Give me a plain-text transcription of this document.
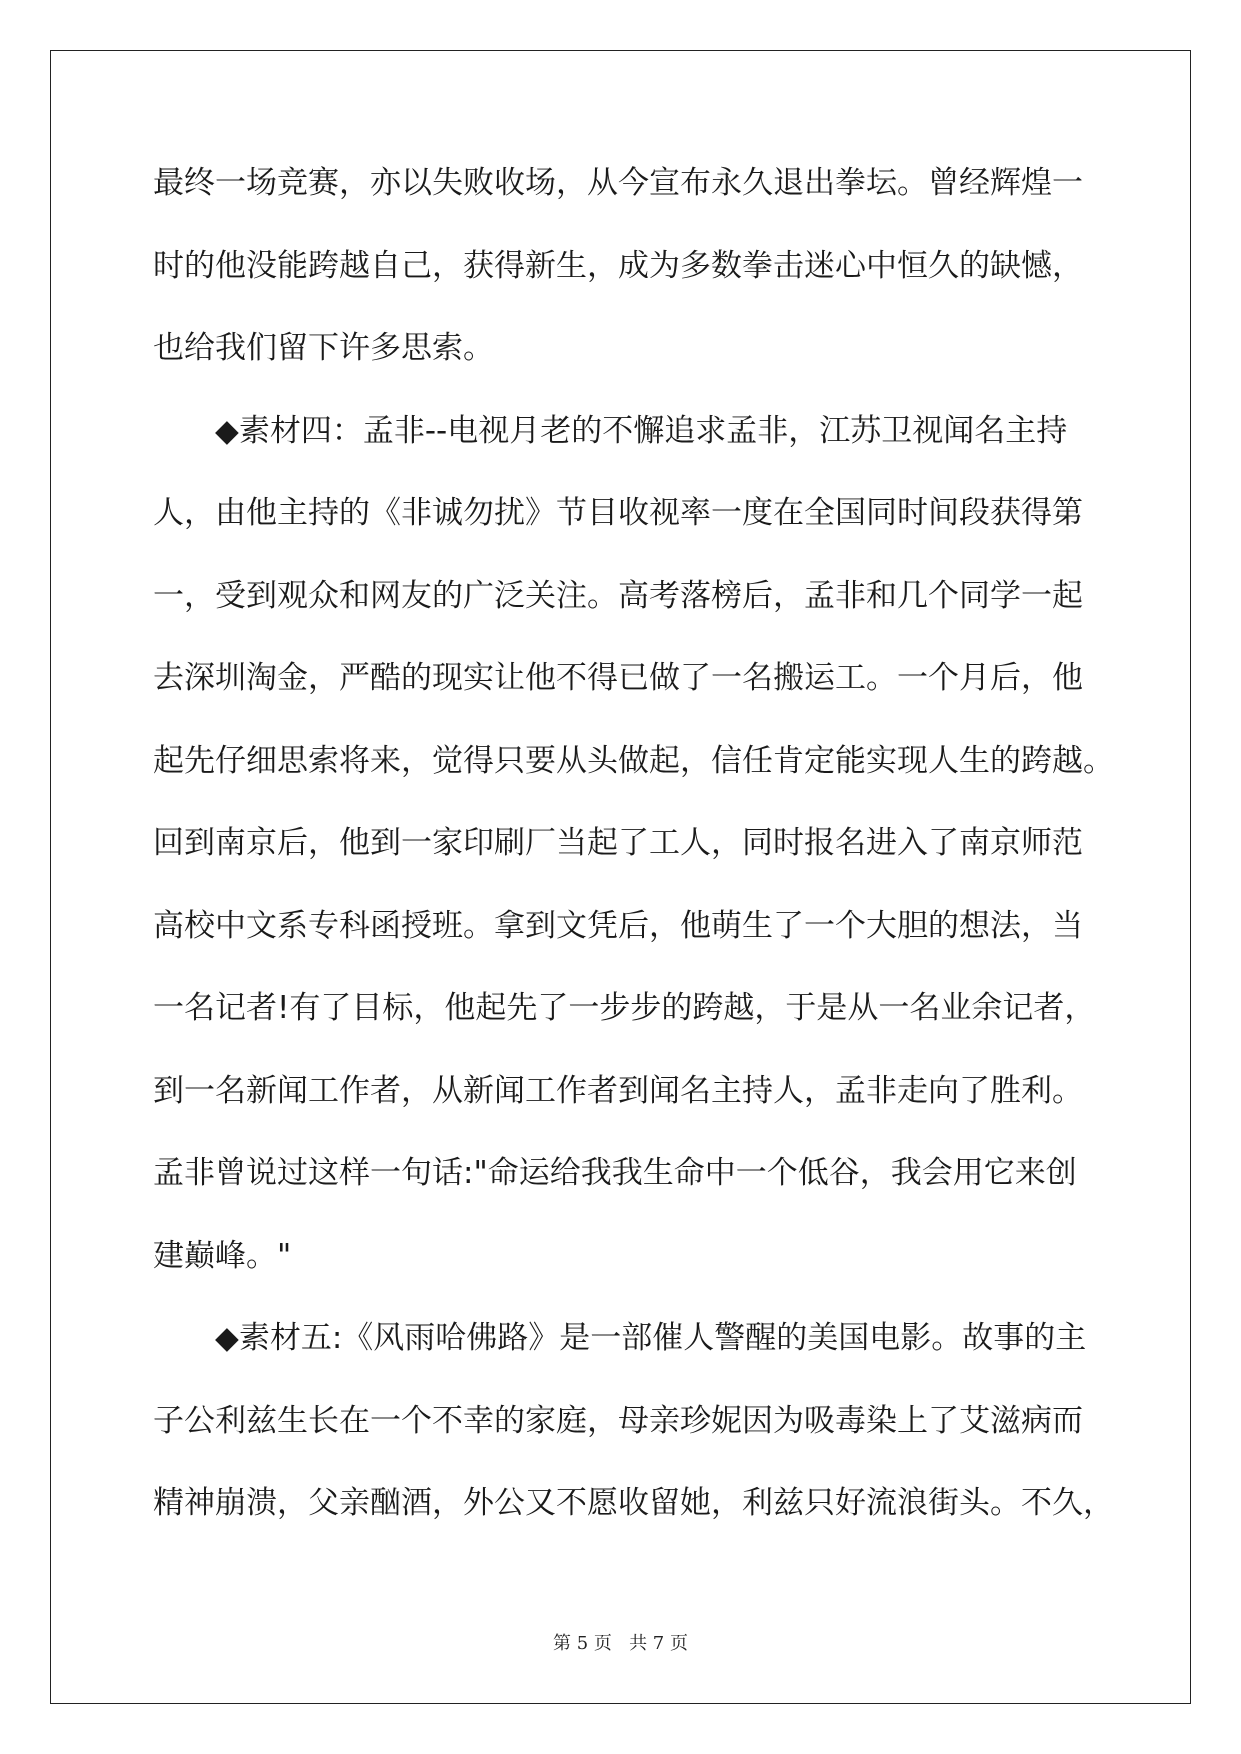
最终一场竞赛，亦以失败收场，从今宣布永久退出拳坛。曾经辉煌一
时的他没能跨越自己，获得新生，成为多数拳击迷心中恒久的缺憾，
也给我们留下许多思索。
◆素材四：孟非--电视月老的不懈追求孟非，江苏卫视闻名主持
人，由他主持的《非诚勿扰》节目收视率一度在全国同时间段获得第
一，受到观众和网友的广泛关注。高考落榜后，孟非和几个同学一起
去深圳淘金，严酷的现实让他不得已做了一名搬运工。一个月后，他
起先仔细思索将来，觉得只要从头做起，信任肯定能实现人生的跨越。
回到南京后，他到一家印刷厂当起了工人，同时报名进入了南京师范
高校中文系专科函授班。拿到文凭后，他萌生了一个大胆的想法，当
一名记者!有了目标，他起先了一步步的跨越，于是从一名业余记者，
到一名新闻工作者，从新闻工作者到闻名主持人，孟非走向了胜利。
孟非曾说过这样一句话:"命运给我我生命中一个低谷，我会用它来创
建巅峰。"
◆素材五:《风雨哈佛路》是一部催人警醒的美国电影。故事的主
子公利兹生长在一个不幸的家庭，母亲珍妮因为吸毒染上了艾滋病而
精神崩溃，父亲酗酒，外公又不愿收留她，利兹只好流浪街头。不久，
第 5 页 共 7 页
